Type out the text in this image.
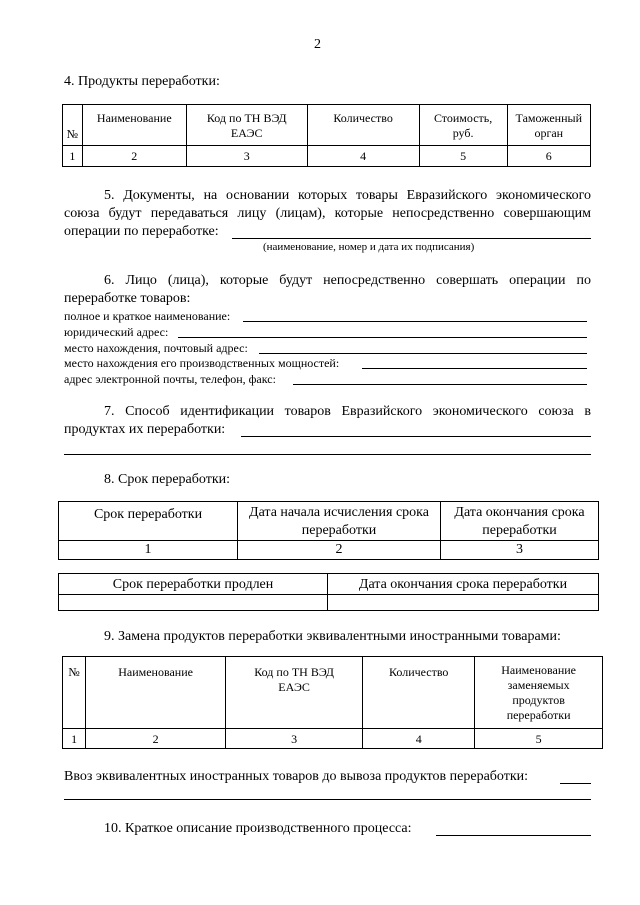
2
4. Продукты переработки:
№	Наименование	Код по ТН ВЭД ЕАЭС	Количество	Стоимость, руб.	Таможенный орган
1	2	3	4	5	6
5. Документы, на основании которых товары Евразийского экономического
союза будут передаваться лицу (лицам), которые непосредственно совершающим
операции по переработке:
(наименование, номер и дата их подписания)
6. Лицо (лица), которые будут непосредственно совершать операции по
переработке товаров:
полное и краткое наименование:
юридический адрес:
место нахождения, почтовый адрес:
место нахождения его производственных мощностей:
адрес электронной почты, телефон, факс:
7. Способ идентификации товаров Евразийского экономического союза в
продуктах их переработки:
8. Срок переработки:
Срок переработки	Дата начала исчисления срока переработки	Дата окончания срока переработки
1	2	3
Срок переработки продлен	Дата окончания срока переработки

9. Замена продуктов переработки эквивалентными иностранными товарами:
№	Наименование	Код по ТН ВЭД ЕАЭС	Количество	Наименование заменяемых продуктов переработки
1	2	3	4	5
Ввоз эквивалентных иностранных товаров до вывоза продуктов переработки:
10. Краткое описание производственного процесса:
